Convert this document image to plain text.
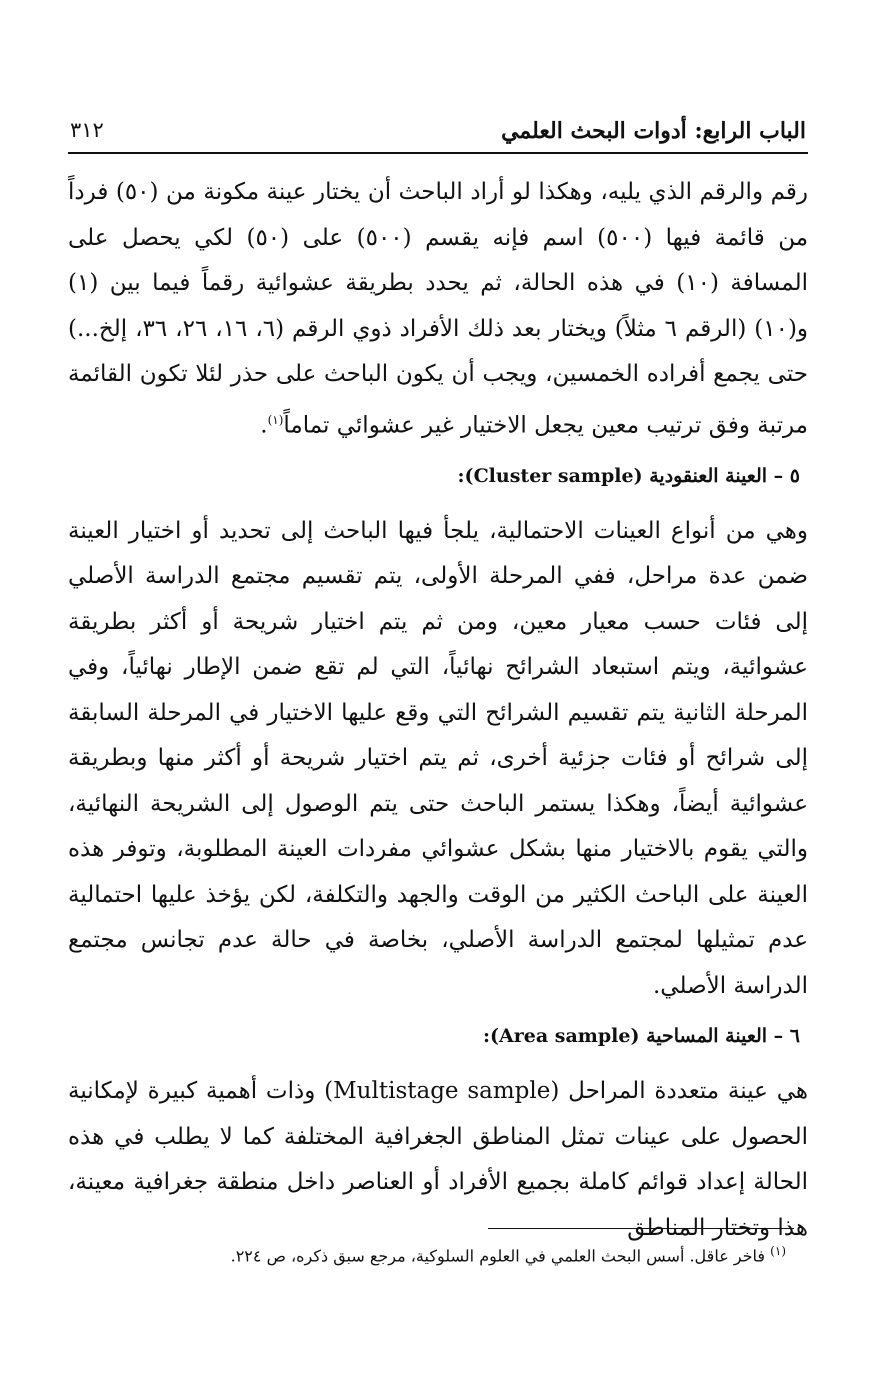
الباب الرابع: أدوات البحث العلمي
٣١٢

رقم والرقم الذي يليه، وهكذا لو أراد الباحث أن يختار عينة مكونة من (٥٠) فرداً من قائمة فيها (٥٠٠) اسم فإنه يقسم (٥٠٠) على (٥٠) لكي يحصل على المسافة (١٠) في هذه الحالة، ثم يحدد بطريقة عشوائية رقماً فيما بين (١) و(١٠) (الرقم ٦ مثلاً) ويختار بعد ذلك الأفراد ذوي الرقم (٦، ١٦، ٢٦، ٣٦، إلخ...) حتى يجمع أفراده الخمسين، ويجب أن يكون الباحث على حذر لئلا تكون القائمة مرتبة وفق ترتيب معين يجعل الاختيار غير عشوائي تماماً$^{(١)}$.

٥ – العينة العنقودية (Cluster sample):

وهي من أنواع العينات الاحتمالية، يلجأ فيها الباحث إلى تحديد أو اختيار العينة ضمن عدة مراحل، ففي المرحلة الأولى، يتم تقسيم مجتمع الدراسة الأصلي إلى فئات حسب معيار معين، ومن ثم يتم اختيار شريحة أو أكثر بطريقة عشوائية، ويتم استبعاد الشرائح نهائياً، التي لم تقع ضمن الإطار نهائياً، وفي المرحلة الثانية يتم تقسيم الشرائح التي وقع عليها الاختيار في المرحلة السابقة إلى شرائح أو فئات جزئية أخرى، ثم يتم اختيار شريحة أو أكثر منها وبطريقة عشوائية أيضاً، وهكذا يستمر الباحث حتى يتم الوصول إلى الشريحة النهائية، والتي يقوم بالاختيار منها بشكل عشوائي مفردات العينة المطلوبة، وتوفر هذه العينة على الباحث الكثير من الوقت والجهد والتكلفة، لكن يؤخذ عليها احتمالية عدم تمثيلها لمجتمع الدراسة الأصلي، بخاصة في حالة عدم تجانس مجتمع الدراسة الأصلي.

٦ – العينة المساحية (Area sample):

هي عينة متعددة المراحل (Multistage sample) وذات أهمية كبيرة لإمكانية الحصول على عينات تمثل المناطق الجغرافية المختلفة كما لا يطلب في هذه الحالة إعداد قوائم كاملة بجميع الأفراد أو العناصر داخل منطقة جغرافية معينة، هذا وتختار المناطق

$^{(١)}$ فاخر عاقل. أسس البحث العلمي في العلوم السلوكية، مرجع سبق ذكره، ص ٢٢٤.
